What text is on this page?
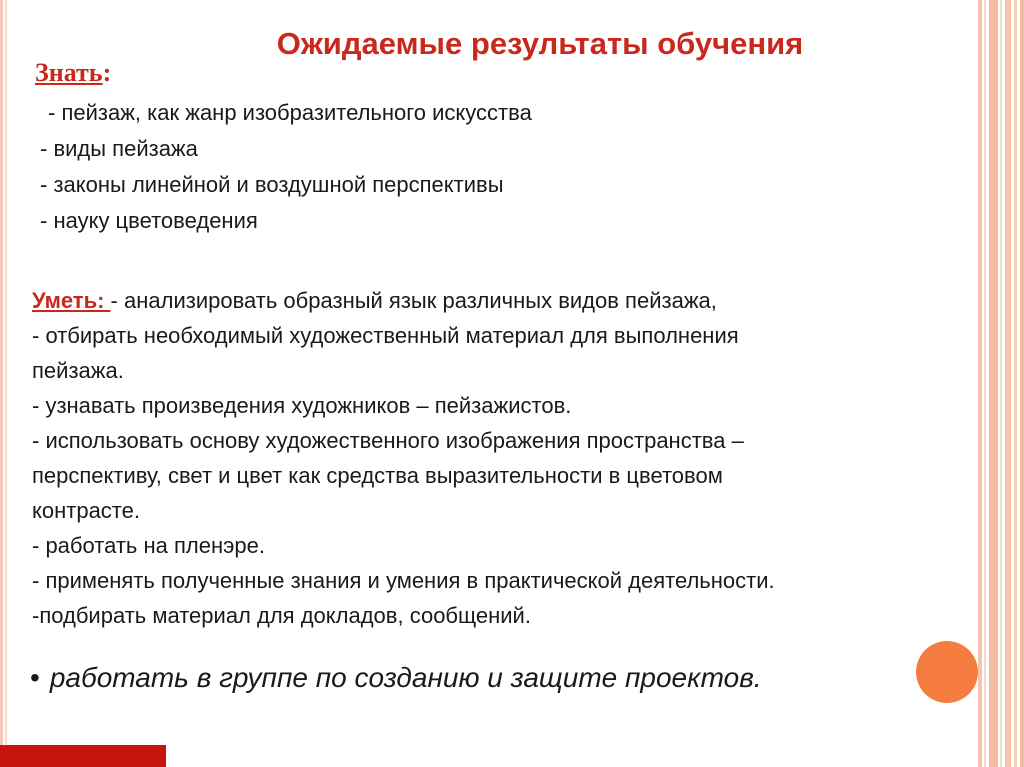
Ожидаемые результаты обучения
Знать:
- пейзаж, как жанр изобразительного искусства
- виды пейзажа
- законы линейной и воздушной перспективы
- науку цветоведения
Уметь: - анализировать образный язык различных видов пейзажа,
- отбирать необходимый художественный материал для выполнения
пейзажа.
- узнавать произведения художников – пейзажистов.
- использовать основу художественного изображения пространства –
перспективу, свет и цвет как средства выразительности в цветовом
контрасте.
- работать на пленэре.
- применять полученные знания и умения в практической деятельности.
-подбирать материал для докладов, сообщений.
• работать в группе по созданию и защите проектов.
